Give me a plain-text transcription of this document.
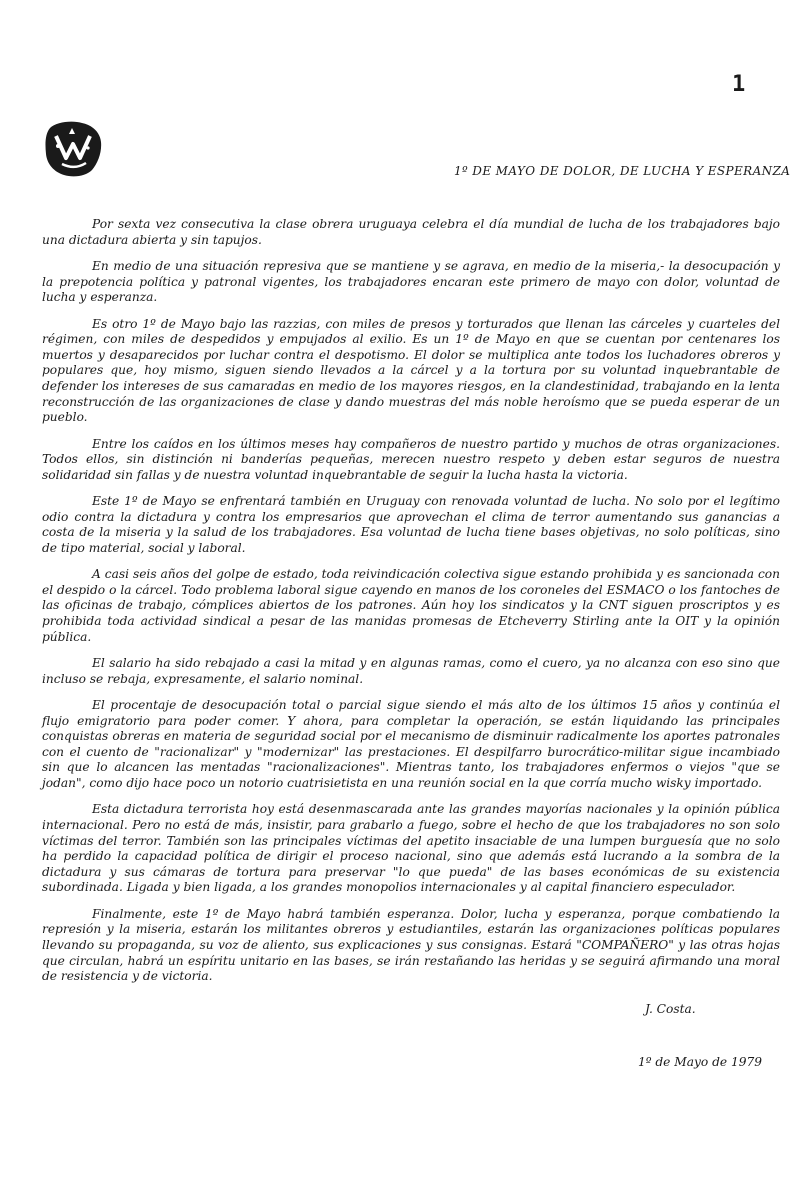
1
1º DE MAYO DE DOLOR, DE LUCHA Y ESPERANZA

Por sexta vez consecutiva la clase obrera uruguaya celebra el día mundial de lucha de los trabajadores bajo una dictadura abierta y sin tapujos.

En medio de una situación represiva que se mantiene y se agrava, en medio de la miseria,- la desocupación y la prepotencia política y patronal vigentes, los trabajadores encaran este primero de mayo con dolor, voluntad de lucha y esperanza.

Es otro 1º de Mayo bajo las razzias, con miles de presos y torturados que llenan las cárceles y cuarteles del régimen, con miles de despedidos y empujados al exilio. Es un 1º de Mayo en que se cuentan por centenares los muertos y desaparecidos por luchar contra el despotismo. El dolor se multiplica ante todos los luchadores obreros y populares que, hoy mismo, siguen siendo llevados a la cárcel y a la tortura por su voluntad inquebrantable de defender los intereses de sus camaradas en medio de los mayores riesgos, en la clandestinidad, trabajando en la lenta reconstrucción de las organizaciones de clase y dando muestras del más noble heroísmo que se pueda esperar de un pueblo.

Entre los caídos en los últimos meses hay compañeros de nuestro partido y muchos de otras organizaciones. Todos ellos, sin distinción ni banderías pequeñas, merecen nuestro respeto y deben estar seguros de nuestra solidaridad sin fallas y de nuestra voluntad inquebrantable de seguir la lucha hasta la victoria.

Este 1º de Mayo se enfrentará también en Uruguay con renovada voluntad de lucha. No solo por el legítimo odio contra la dictadura y contra los empresarios que aprovechan el clima de terror aumentando sus ganancias a costa de la miseria y la salud de los trabajadores. Esa voluntad de lucha tiene bases objetivas, no solo políticas, sino de tipo material, social y laboral.

A casi seis años del golpe de estado, toda reivindicación colectiva sigue estando prohibida y es sancionada con el despido o la cárcel. Todo problema laboral sigue cayendo en manos de los coroneles del ESMACO o los fantoches de las oficinas de trabajo, cómplices abiertos de los patrones. Aún hoy los sindicatos y la CNT siguen proscriptos y es prohibida toda actividad sindical a pesar de las manidas promesas de Etcheverry Stirling ante la OIT y la opinión pública.

El salario ha sido rebajado a casi la mitad y en algunas ramas, como el cuero, ya no alcanza con eso sino que incluso se rebaja, expresamente, el salario nominal.

El procentaje de desocupación total o parcial sigue siendo el más alto de los últimos 15 años y continúa el flujo emigratorio para poder comer. Y ahora, para completar la operación, se están liquidando las principales conquistas obreras en materia de seguridad social por el mecanismo de disminuir radicalmente los aportes patronales con el cuento de "racionalizar" y "modernizar" las prestaciones. El despilfarro burocrático-militar sigue incambiado sin que lo alcancen las mentadas "racionalizaciones". Mientras tanto, los trabajadores enfermos o viejos "que se jodan", como dijo hace poco un notorio cuatrisietista en una reunión social en la que corría mucho wisky importado.

Esta dictadura terrorista hoy está desenmascarada ante las grandes mayorías nacionales y la opinión pública internacional. Pero no está de más, insistir, para grabarlo a fuego, sobre el hecho de que los trabajadores no son solo víctimas del terror. También son las principales víctimas del apetito insaciable de una lumpen burguesía que no solo ha perdido la capacidad política de dirigir el proceso nacional, sino que además está lucrando a la sombra de la dictadura y sus cámaras de tortura para preservar "lo que pueda" de las bases económicas de su existencia subordinada. Ligada y bien ligada, a los grandes monopolios internacionales y al capital financiero especulador.

Finalmente, este 1º de Mayo habrá también esperanza. Dolor, lucha y esperanza, porque combatiendo la represión y la miseria, estarán los militantes obreros y estudiantiles, estarán las organizaciones políticas populares llevando su propaganda, su voz de aliento, sus explicaciones y sus consignas. Estará "COMPAÑERO" y las otras hojas que circulan, habrá un espíritu unitario en las bases, se irán restañando las heridas y se seguirá afirmando una moral de resistencia y de victoria.

J. Costa.
1º de Mayo de 1979
